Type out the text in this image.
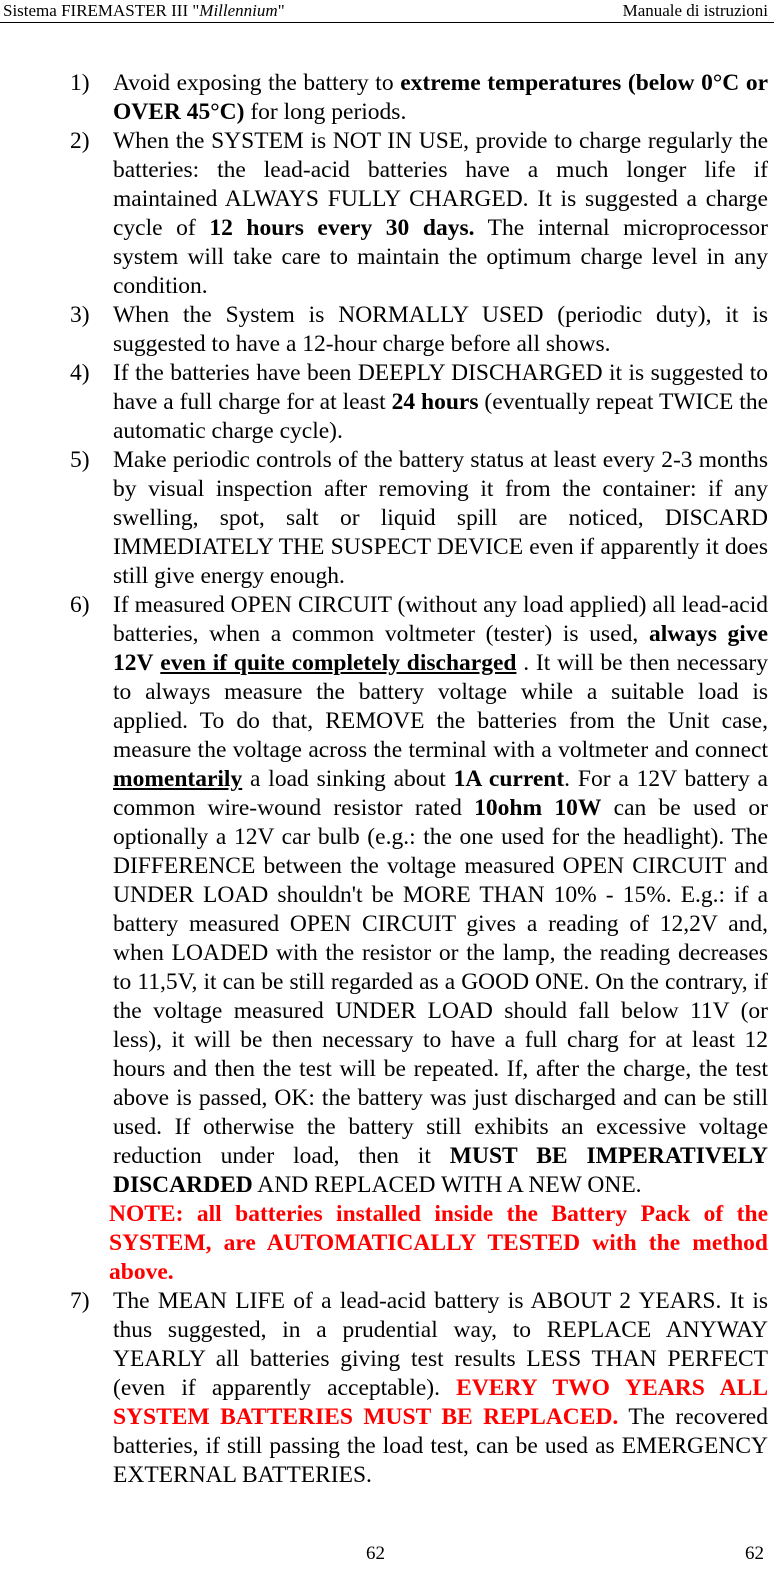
Sistema FIREMASTER III "Millennium"	Manuale di istruzioni
1) Avoid exposing the battery to extreme temperatures (below 0°C or OVER 45°C) for long periods.
2) When the SYSTEM is NOT IN USE, provide to charge regularly the batteries: the lead-acid batteries have a much longer life if maintained ALWAYS FULLY CHARGED. It is suggested a charge cycle of 12 hours every 30 days. The internal microprocessor system will take care to maintain the optimum charge level in any condition.
3) When the System is NORMALLY USED (periodic duty), it is suggested to have a 12-hour charge before all shows.
4) If the batteries have been DEEPLY DISCHARGED it is suggested to have a full charge for at least 24 hours (eventually repeat TWICE the automatic charge cycle).
5) Make periodic controls of the battery status at least every 2-3 months by visual inspection after removing it from the container: if any swelling, spot, salt or liquid spill are noticed, DISCARD IMMEDIATELY THE SUSPECT DEVICE even if apparently it does still give energy enough.
6) If measured OPEN CIRCUIT (without any load applied) all lead-acid batteries, when a common voltmeter (tester) is used, always give 12V even if quite completely discharged . It will be then necessary to always measure the battery voltage while a suitable load is applied. To do that, REMOVE the batteries from the Unit case, measure the voltage across the terminal with a voltmeter and connect momentarily a load sinking about 1A current. For a 12V battery a common wire-wound resistor rated 10ohm 10W can be used or optionally a 12V car bulb (e.g.: the one used for the headlight). The DIFFERENCE between the voltage measured OPEN CIRCUIT and UNDER LOAD shouldn't be MORE THAN 10% - 15%. E.g.: if a battery measured OPEN CIRCUIT gives a reading of 12,2V and, when LOADED with the resistor or the lamp, the reading decreases to 11,5V, it can be still regarded as a GOOD ONE. On the contrary, if the voltage measured UNDER LOAD should fall below 11V (or less), it will be then necessary to have a full charg for at least 12 hours and then the test will be repeated. If, after the charge, the test above is passed, OK: the battery was just discharged and can be still used. If otherwise the battery still exhibits an excessive voltage reduction under load, then it MUST BE IMPERATIVELY DISCARDED AND REPLACED WITH A NEW ONE.
NOTE: all batteries installed inside the Battery Pack of the SYSTEM, are AUTOMATICALLY TESTED with the method above.
7) The MEAN LIFE of a lead-acid battery is ABOUT 2 YEARS. It is thus suggested, in a prudential way, to REPLACE ANYWAY YEARLY all batteries giving test results LESS THAN PERFECT (even if apparently acceptable). EVERY TWO YEARS ALL SYSTEM BATTERIES MUST BE REPLACED. The recovered batteries, if still passing the load test, can be used as EMERGENCY EXTERNAL BATTERIES.
62	62
